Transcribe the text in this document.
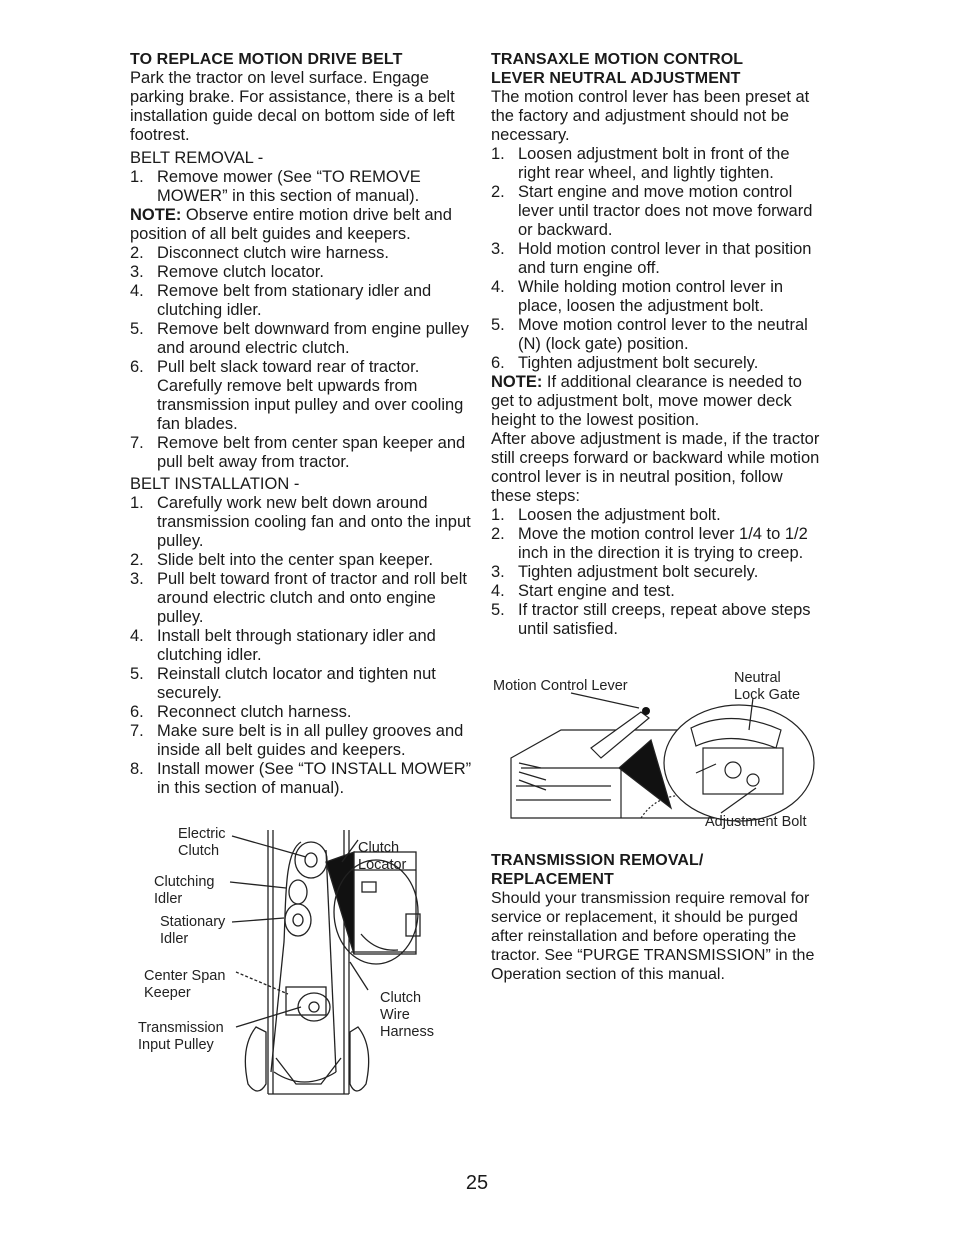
TO REPLACE MOTION DRIVE BELT

Park the tractor on level surface. Engage parking brake. For assistance, there is a belt installation guide decal on bottom side of left footrest.

BELT REMOVAL -
1. Remove mower (See “TO REMOVE MOWER” in this section of manual).

NOTE: Observe entire motion drive belt and position of all belt guides and keepers.

2. Disconnect clutch wire harness.
3. Remove clutch locator.
4. Remove belt from stationary idler and clutching idler.
5. Remove belt downward from engine pulley and around electric clutch.
6. Pull belt slack toward rear of tractor. Carefully remove belt upwards from transmission input pulley and over cooling fan blades.
7. Remove belt from center span keeper and pull belt away from tractor.
BELT INSTALLATION -
1. Carefully work new belt down around transmission cooling fan and onto the input pulley.
2. Slide belt into the center span keeper.
3. Pull belt toward front of tractor and roll belt around electric clutch and onto engine pulley.
4. Install belt through stationary idler and clutching idler.
5. Reinstall clutch locator and tighten nut securely.
6. Reconnect clutch harness.
7. Make sure belt is in all pulley grooves and inside all belt guides and keepers.
8. Install mower (See “TO INSTALL MOWER” in this section of manual).
Electric
Clutch
Clutching
Idler
Stationary
Idler
Center Span
Keeper
Transmission
Input Pulley
Clutch
Locator
Clutch
Wire
Harness
TRANSAXLE MOTION CONTROL
LEVER NEUTRAL ADJUSTMENT

The motion control lever has been preset at the factory and adjustment should not be necessary.

1. Loosen adjustment bolt in front of the right rear wheel, and lightly tighten.
2. Start engine and move motion control lever until tractor does not move forward or backward.
3. Hold motion control lever in that position and turn engine off.
4. While holding motion control lever in place, loosen the adjustment bolt.
5. Move motion control lever to the neutral (N) (lock gate) position.
6. Tighten adjustment bolt securely.

NOTE: If additional clearance is needed to get to adjustment bolt, move mower deck height to the lowest position.

After above adjustment is made, if the tractor still creeps forward or backward while motion control lever is in neutral position, follow these steps:

1. Loosen the adjustment bolt.
2. Move the motion control lever 1/4 to 1/2 inch in the direction it is trying to creep.
3. Tighten adjustment bolt securely.
4. Start engine and test.
5. If tractor still creeps, repeat above steps until satisfied.
Motion Control Lever	Neutral
Lock Gate
Adjustment Bolt
TRANSMISSION REMOVAL/
REPLACEMENT

Should your transmission require removal for service or replacement, it should be purged after reinstallation and before operating the tractor. See “PURGE TRANSMISSION” in the Operation section of this manual.

25
